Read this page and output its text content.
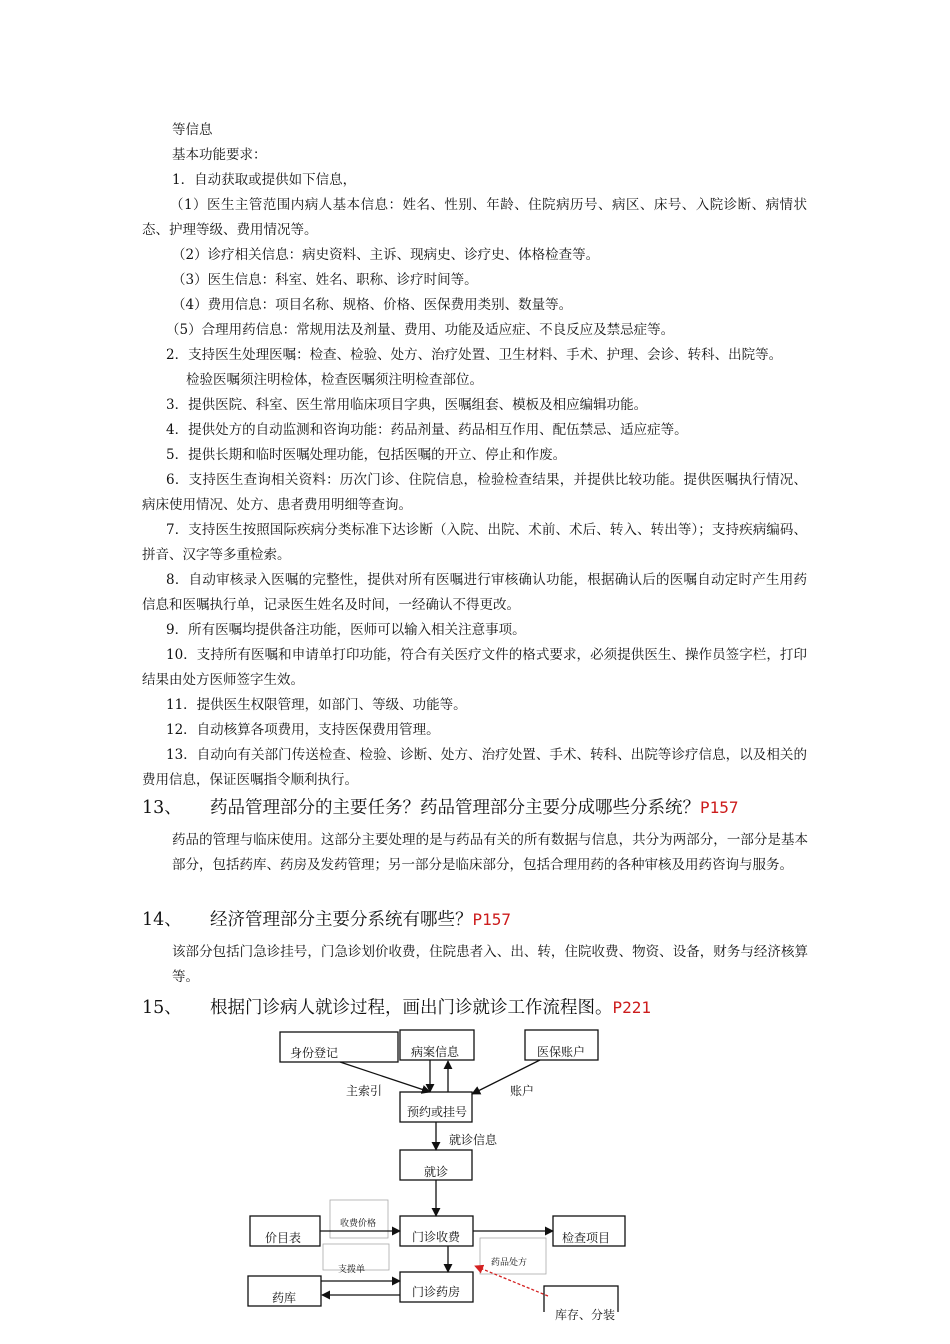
等信息
基本功能要求：
1．自动获取或提供如下信息，
（1）医生主管范围内病人基本信息：姓名、性别、年龄、住院病历号、病区、床号、入院诊断、病情状态、护理等级、费用情况等。
（2）诊疗相关信息：病史资料、主诉、现病史、诊疗史、体格检查等。
（3）医生信息：科室、姓名、职称、诊疗时间等。
（4）费用信息：项目名称、规格、价格、医保费用类别、数量等。
（5）合理用药信息：常规用法及剂量、费用、功能及适应症、不良反应及禁忌症等。
2．支持医生处理医嘱：检查、检验、处方、治疗处置、卫生材料、手术、护理、会诊、转科、出院等。
检验医嘱须注明检体，检查医嘱须注明检查部位。
3．提供医院、科室、医生常用临床项目字典，医嘱组套、模板及相应编辑功能。
4．提供处方的自动监测和咨询功能：药品剂量、药品相互作用、配伍禁忌、适应症等。
5．提供长期和临时医嘱处理功能，包括医嘱的开立、停止和作废。
6．支持医生查询相关资料：历次门诊、住院信息，检验检查结果，并提供比较功能。提供医嘱执行情况、病床使用情况、处方、患者费用明细等查询。
7．支持医生按照国际疾病分类标准下达诊断（入院、出院、术前、术后、转入、转出等）；支持疾病编码、拼音、汉字等多重检索。
8．自动审核录入医嘱的完整性，提供对所有医嘱进行审核确认功能，根据确认后的医嘱自动定时产生用药信息和医嘱执行单，记录医生姓名及时间，一经确认不得更改。
9．所有医嘱均提供备注功能，医师可以输入相关注意事项。
10．支持所有医嘱和申请单打印功能，符合有关医疗文件的格式要求，必须提供医生、操作员签字栏，打印结果由处方医师签字生效。
11．提供医生权限管理，如部门、等级、功能等。
12．自动核算各项费用，支持医保费用管理。
13．自动向有关部门传送检查、检验、诊断、处方、治疗处置、手术、转科、出院等诊疗信息，以及相关的费用信息，保证医嘱指令顺利执行。
13、 药品管理部分的主要任务？药品管理部分主要分成哪些分系统？P157
药品的管理与临床使用。这部分主要处理的是与药品有关的所有数据与信息，共分为两部分，一部分是基本部分，包括药库、药房及发药管理；另一部分是临床部分，包括合理用药的各种审核及用药咨询与服务。
14、 经济管理部分主要分系统有哪些？P157
该部分包括门急诊挂号，门急诊划价收费，住院患者入、出、转，住院收费、物资、设备，财务与经济核算等。
15、 根据门诊病人就诊过程，画出门诊就诊工作流程图。P221
身份登记	病案信息	医保账户
主索引	账户
预约或挂号
就诊信息
就诊
价目表	门诊收费	检查项目
药库	门诊药房
库存、分装
收费价格
药品处方
支拨单
